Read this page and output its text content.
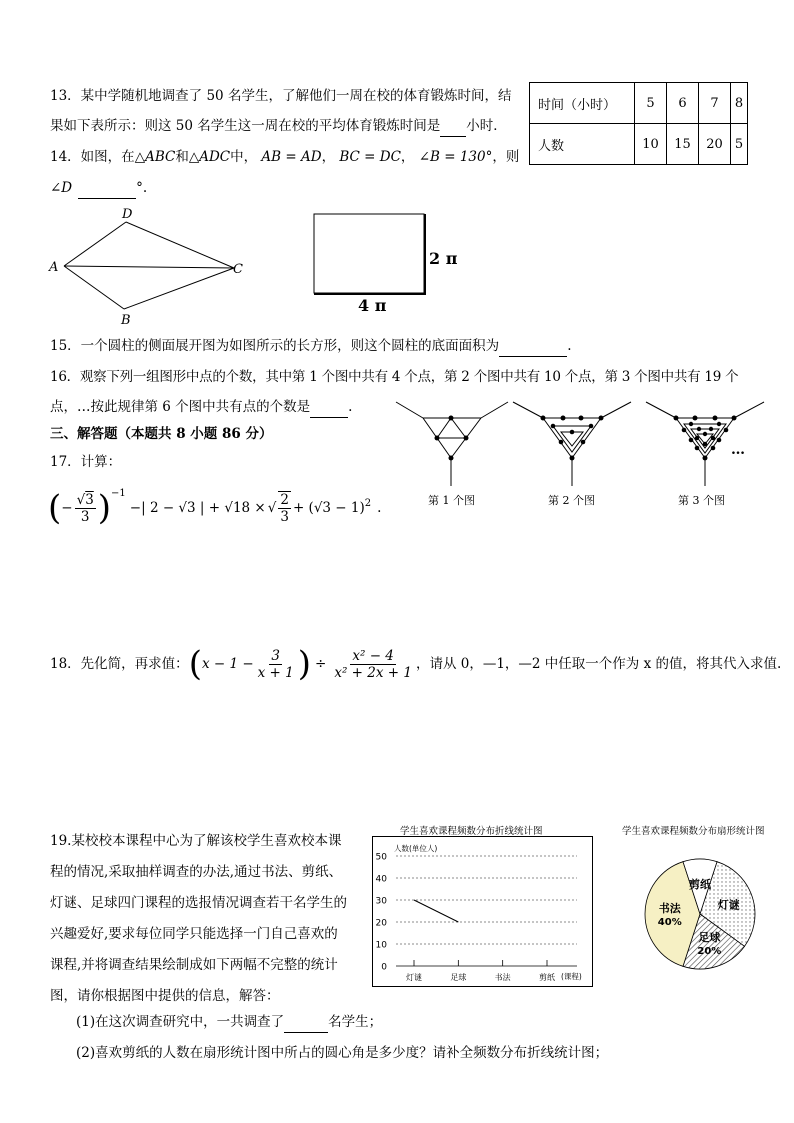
13．某中学随机地调查了 50 名学生，了解他们一周在校的体育锻炼时间，结
果如下表所示：则这 50 名学生这一周在校的平均体育锻炼时间是 小时．
时间（小时）	5	6	7	8
人数	10	15	20	5
14．如图，在△ABC和△ADC中， AB = AD， BC = DC， ∠B = 130°，则
∠D	°.
A
D
C
B
2 π
4 π
15．一个圆柱的侧面展开图为如图所示的长方形，则这个圆柱的底面面积为	.
16．观察下列一组图形中点的个数，其中第 1 个图中共有 4 个点，第 2 个图中共有 10 个点，第 3 个图中共有 19 个
点，…按此规律第 6 个图中共有点的个数是	.
…
第 1 个图	第 2 个图	第 3 个图
三、解答题（本题共 8 小题 86 分）
17．计算：
( − $\frac{√3}{3} )^{-1}$
−| 2 − √3 | + √18 × √ $\frac{2}{3} + (√3 - 1)^2$ .
18．先化简，再求值： ( $x - 1 - \frac{3}{x + 1}$ ) ÷ $\frac{\text{x² − 4}}{\text{x² + 2x + 1}}$ ，请从 0，—1，—2 中任取一个作为 x 的值，将其代入求值.
19.某校校本课程中心为了解该校学生喜欢校本课
程的情况,采取抽样调查的办法,通过书法、剪纸、
灯谜、足球四门课程的选报情况调查若干名学生的
兴趣爱好,要求每位同学只能选择一门自己喜欢的
课程,并将调查结果绘制成如下两幅不完整的统计
图，请你根据图中提供的信息，解答：
(1)在这次调查研究中，一共调查了	名学生；
(2)喜欢剪纸的人数在扇形统计图中所占的圆心角是多少度？请补全频数分布折线统计图；
学生喜欢课程频数分布折线统计图
0
10
20
30
40
50
人数(单位人)
灯谜	足球	书法	剪纸 (课程)
学生喜欢课程频数分布扇形统计图
灯谜
足球
20%
书法
40%
剪纸
